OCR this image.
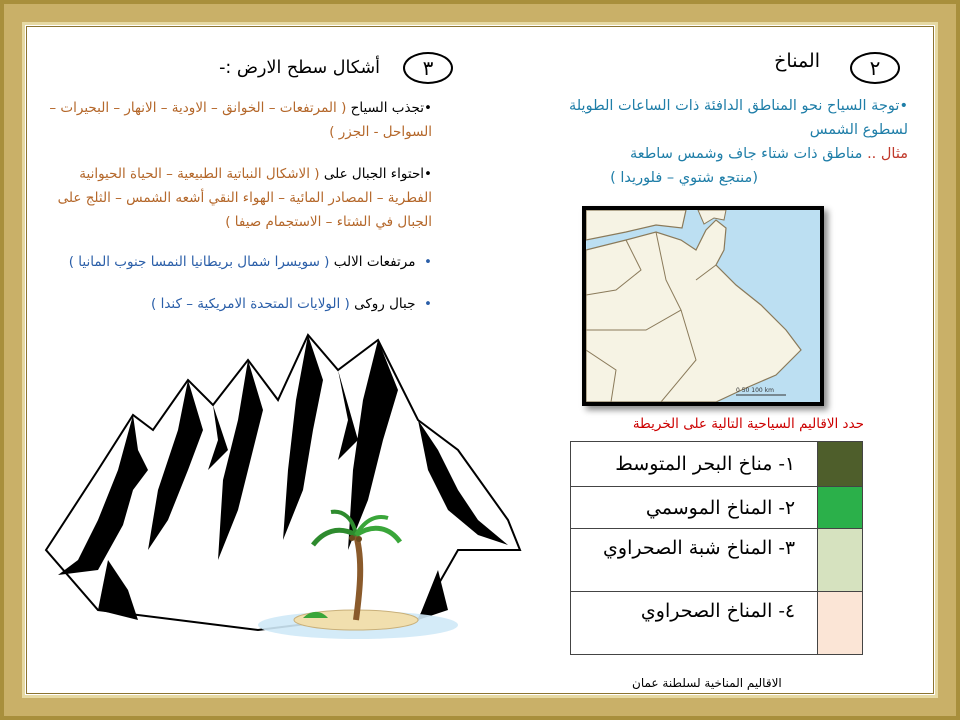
٢
المناخ
•توجة السياح نحو المناطق الدافئة ذات الساعات الطويلة لسطوع الشمس
مثال .. مناطق ذات شتاء جاف وشمس ساطعة
(منتجع شتوي – فلوريدا )
0 50 100 km
حدد الاقاليم السياحية التالية على الخريطة
١- مناخ البحر المتوسط	
٢- المناخ الموسمي	
٣- المناخ شبة الصحراوي	
٤- المناخ الصحراوي	
الاقاليم المناخية لسلطنة عمان
٣
أشكال سطح الارض :-
•تجذب السياح ( المرتفعات – الخوانق – الاودية – الانهار – البحيرات – السواحل - الجزر )
•احتواء الجبال على ( الاشكال النباتية الطبيعية – الحياة الحيوانية الفطرية – المصادر المائية – الهواء النقي أشعه الشمس – الثلج على الجبال في الشتاء – الاستجمام صيفا )
•  مرتفعات الالب ( سويسرا شمال بريطانيا النمسا جنوب المانيا )
•  جبال روكى ( الولايات المتحدة الامريكية – كندا )
